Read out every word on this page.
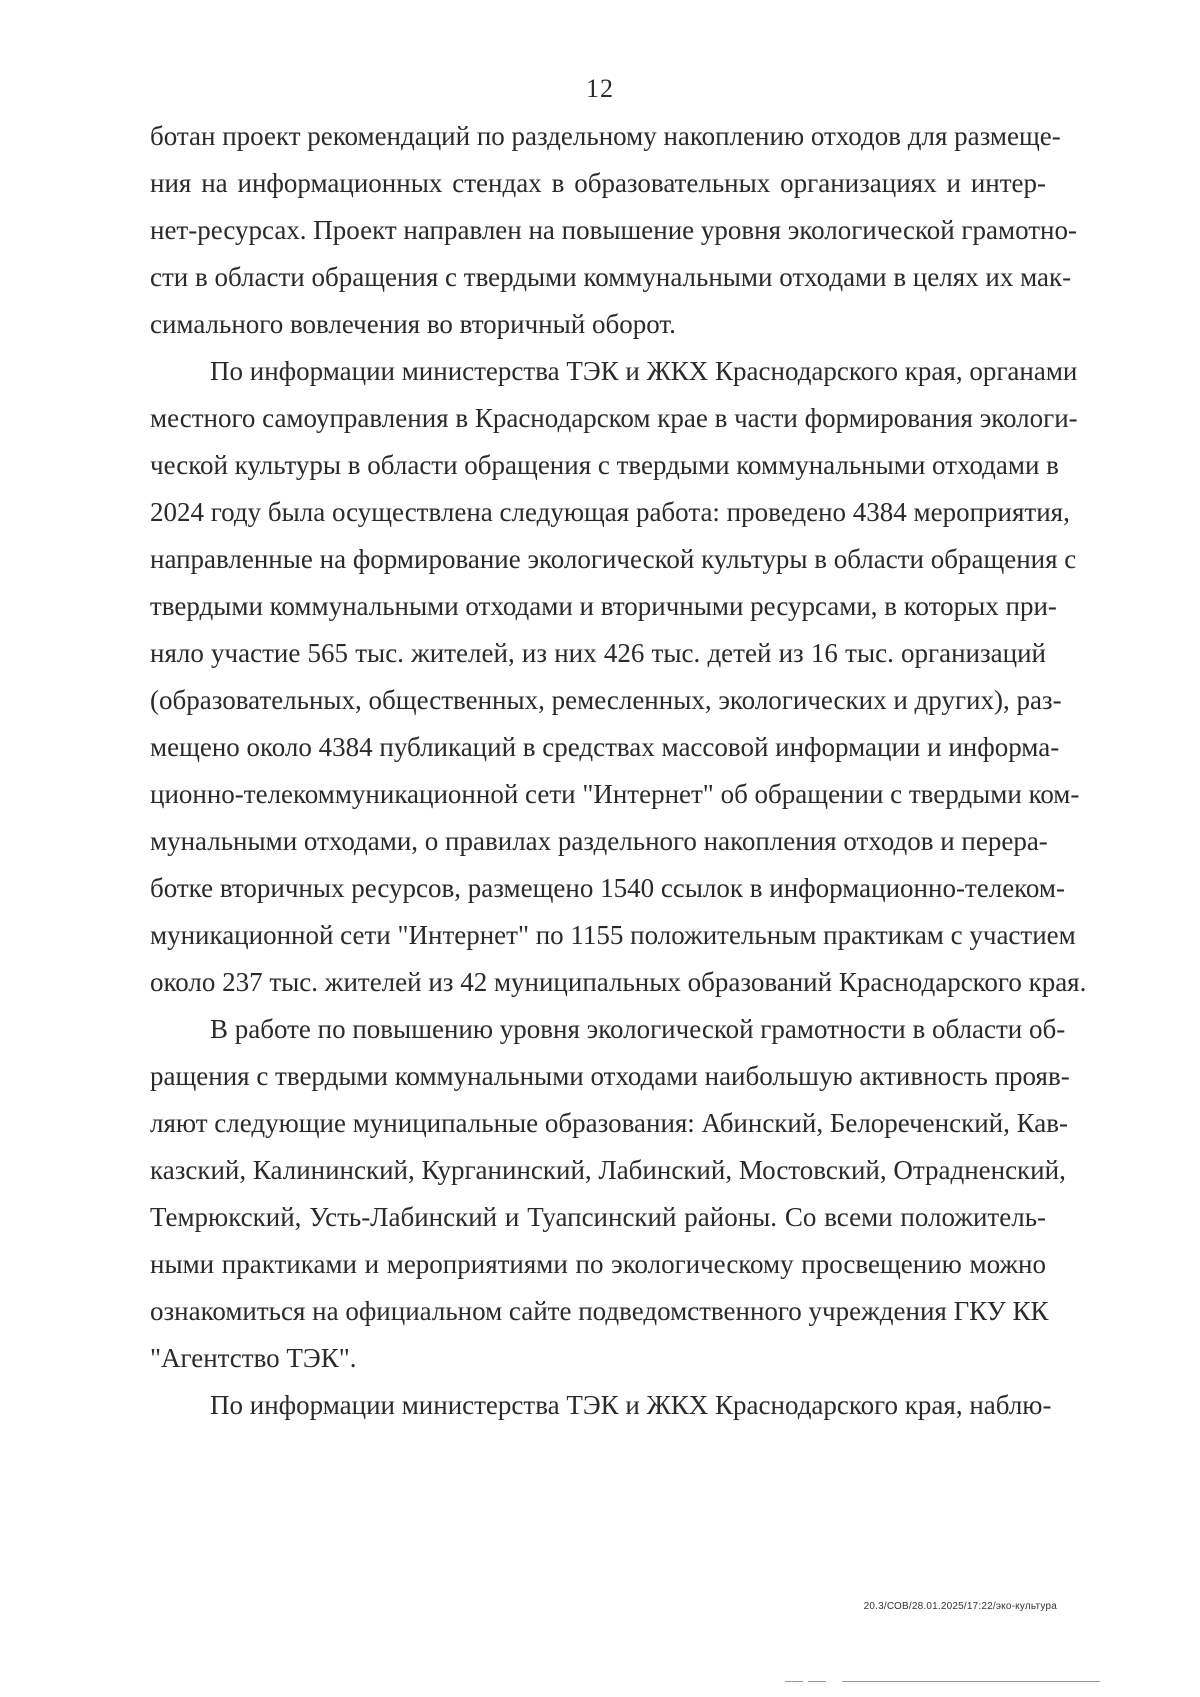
12
ботан проект рекомендаций по раздельному накоплению отходов для размеще-
ния на информационных стендах в образовательных организациях и интер-
нет-ресурсах. Проект направлен на повышение уровня экологической грамотно-
сти в области обращения с твердыми коммунальными отходами в целях их мак-
симального вовлечения во вторичный оборот.
По информации министерства ТЭК и ЖКХ Краснодарского края, органами
местного самоуправления в Краснодарском крае в части формирования экологи-
ческой культуры в области обращения с твердыми коммунальными отходами в
2024 году была осуществлена следующая работа: проведено 4384 мероприятия,
направленные на формирование экологической культуры в области обращения с
твердыми коммунальными отходами и вторичными ресурсами, в которых при-
няло участие 565 тыс. жителей, из них 426 тыс. детей из 16 тыс. организаций
(образовательных, общественных, ремесленных, экологических и других), раз-
мещено около 4384 публикаций в средствах массовой информации и информа-
ционно-телекоммуникационной сети "Интернет" об обращении с твердыми ком-
мунальными отходами, о правилах раздельного накопления отходов и перера-
ботке вторичных ресурсов, размещено 1540 ссылок в информационно-телеком-
муникационной сети "Интернет" по 1155 положительным практикам с участием
около 237 тыс. жителей из 42 муниципальных образований Краснодарского края.
В работе по повышению уровня экологической грамотности в области об-
ращения с твердыми коммунальными отходами наибольшую активность прояв-
ляют следующие муниципальные образования: Абинский, Белореченский, Кав-
казский, Калининский, Курганинский, Лабинский, Мостовский, Отрадненский,
Темрюкский, Усть-Лабинский и Туапсинский районы. Со всеми положитель-
ными практиками и мероприятиями по экологическому просвещению можно
ознакомиться на официальном сайте подведомственного учреждения ГКУ КК
"Агентство ТЭК".
По информации министерства ТЭК и ЖКХ Краснодарского края, наблю-
20.3/СОВ/28.01.2025/17:22/эко-культура
